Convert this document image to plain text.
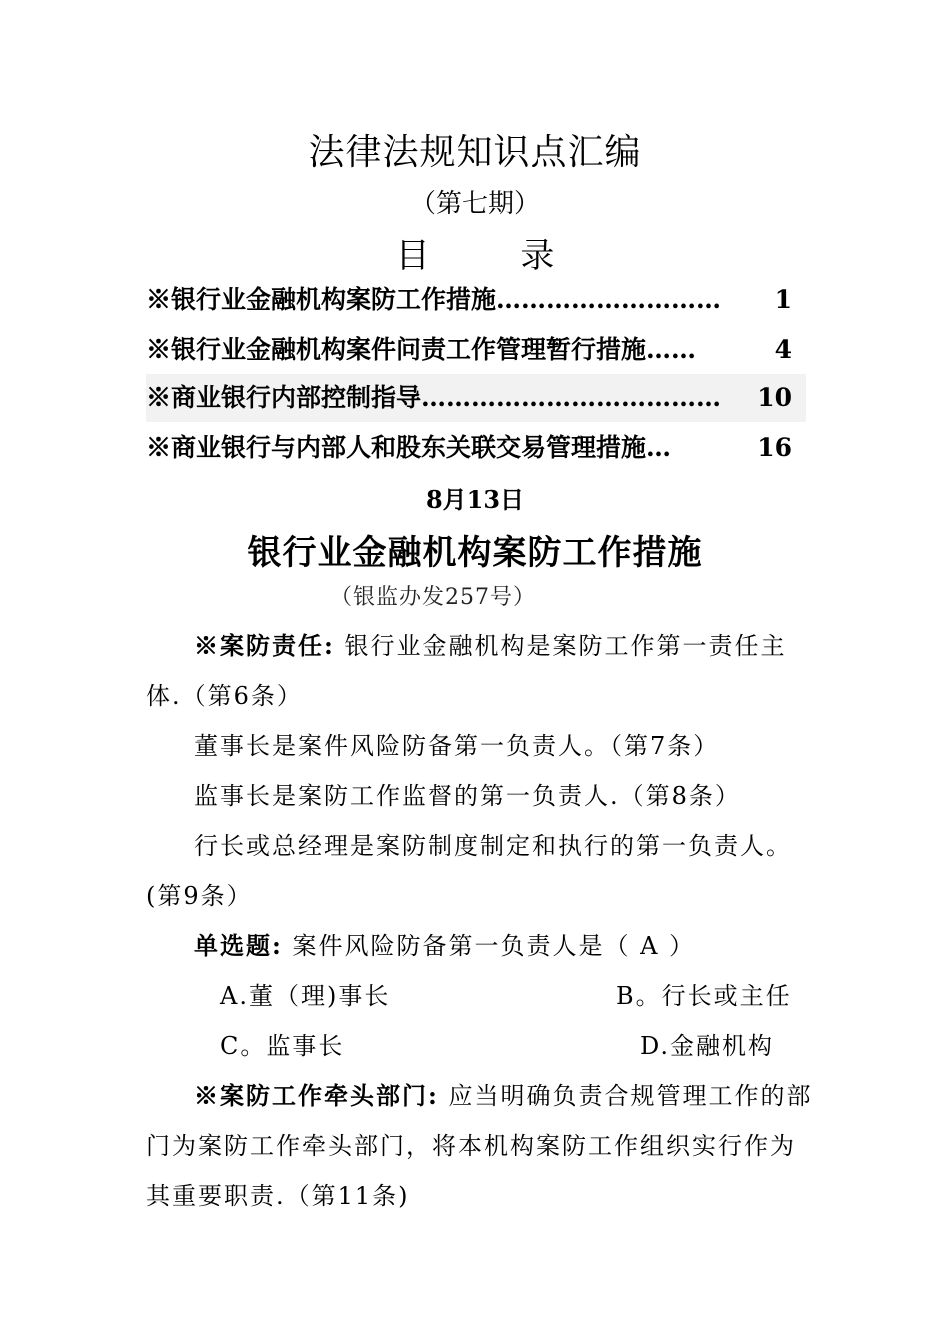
法律法规知识点汇编
（第七期）
目 录
※银行业金融机构案防工作措施……………………… 1
※银行业金融机构案件问责工作管理暂行措施……	4
※商业银行内部控制指导……………………………… 10
※商业银行与内部人和股东关联交易管理措施…	16
8月13日
银行业金融机构案防工作措施
（银监办发257号）
※案防责任: 银行业金融机构是案防工作第一责任主
体.（第6条）
董事长是案件风险防备第一负责人。（第7条）
监事长是案防工作监督的第一负责人.（第8条）
行长或总经理是案防制度制定和执行的第一负责人。
(第9条）
单选题: 案件风险防备第一负责人是（ A ）
A.董（理)事长	B。行长或主任
C。监事长	D.金融机构
※案防工作牵头部门: 应当明确负责合规管理工作的部
门为案防工作牵头部门，将本机构案防工作组织实行作为
其重要职责.（第11条)
